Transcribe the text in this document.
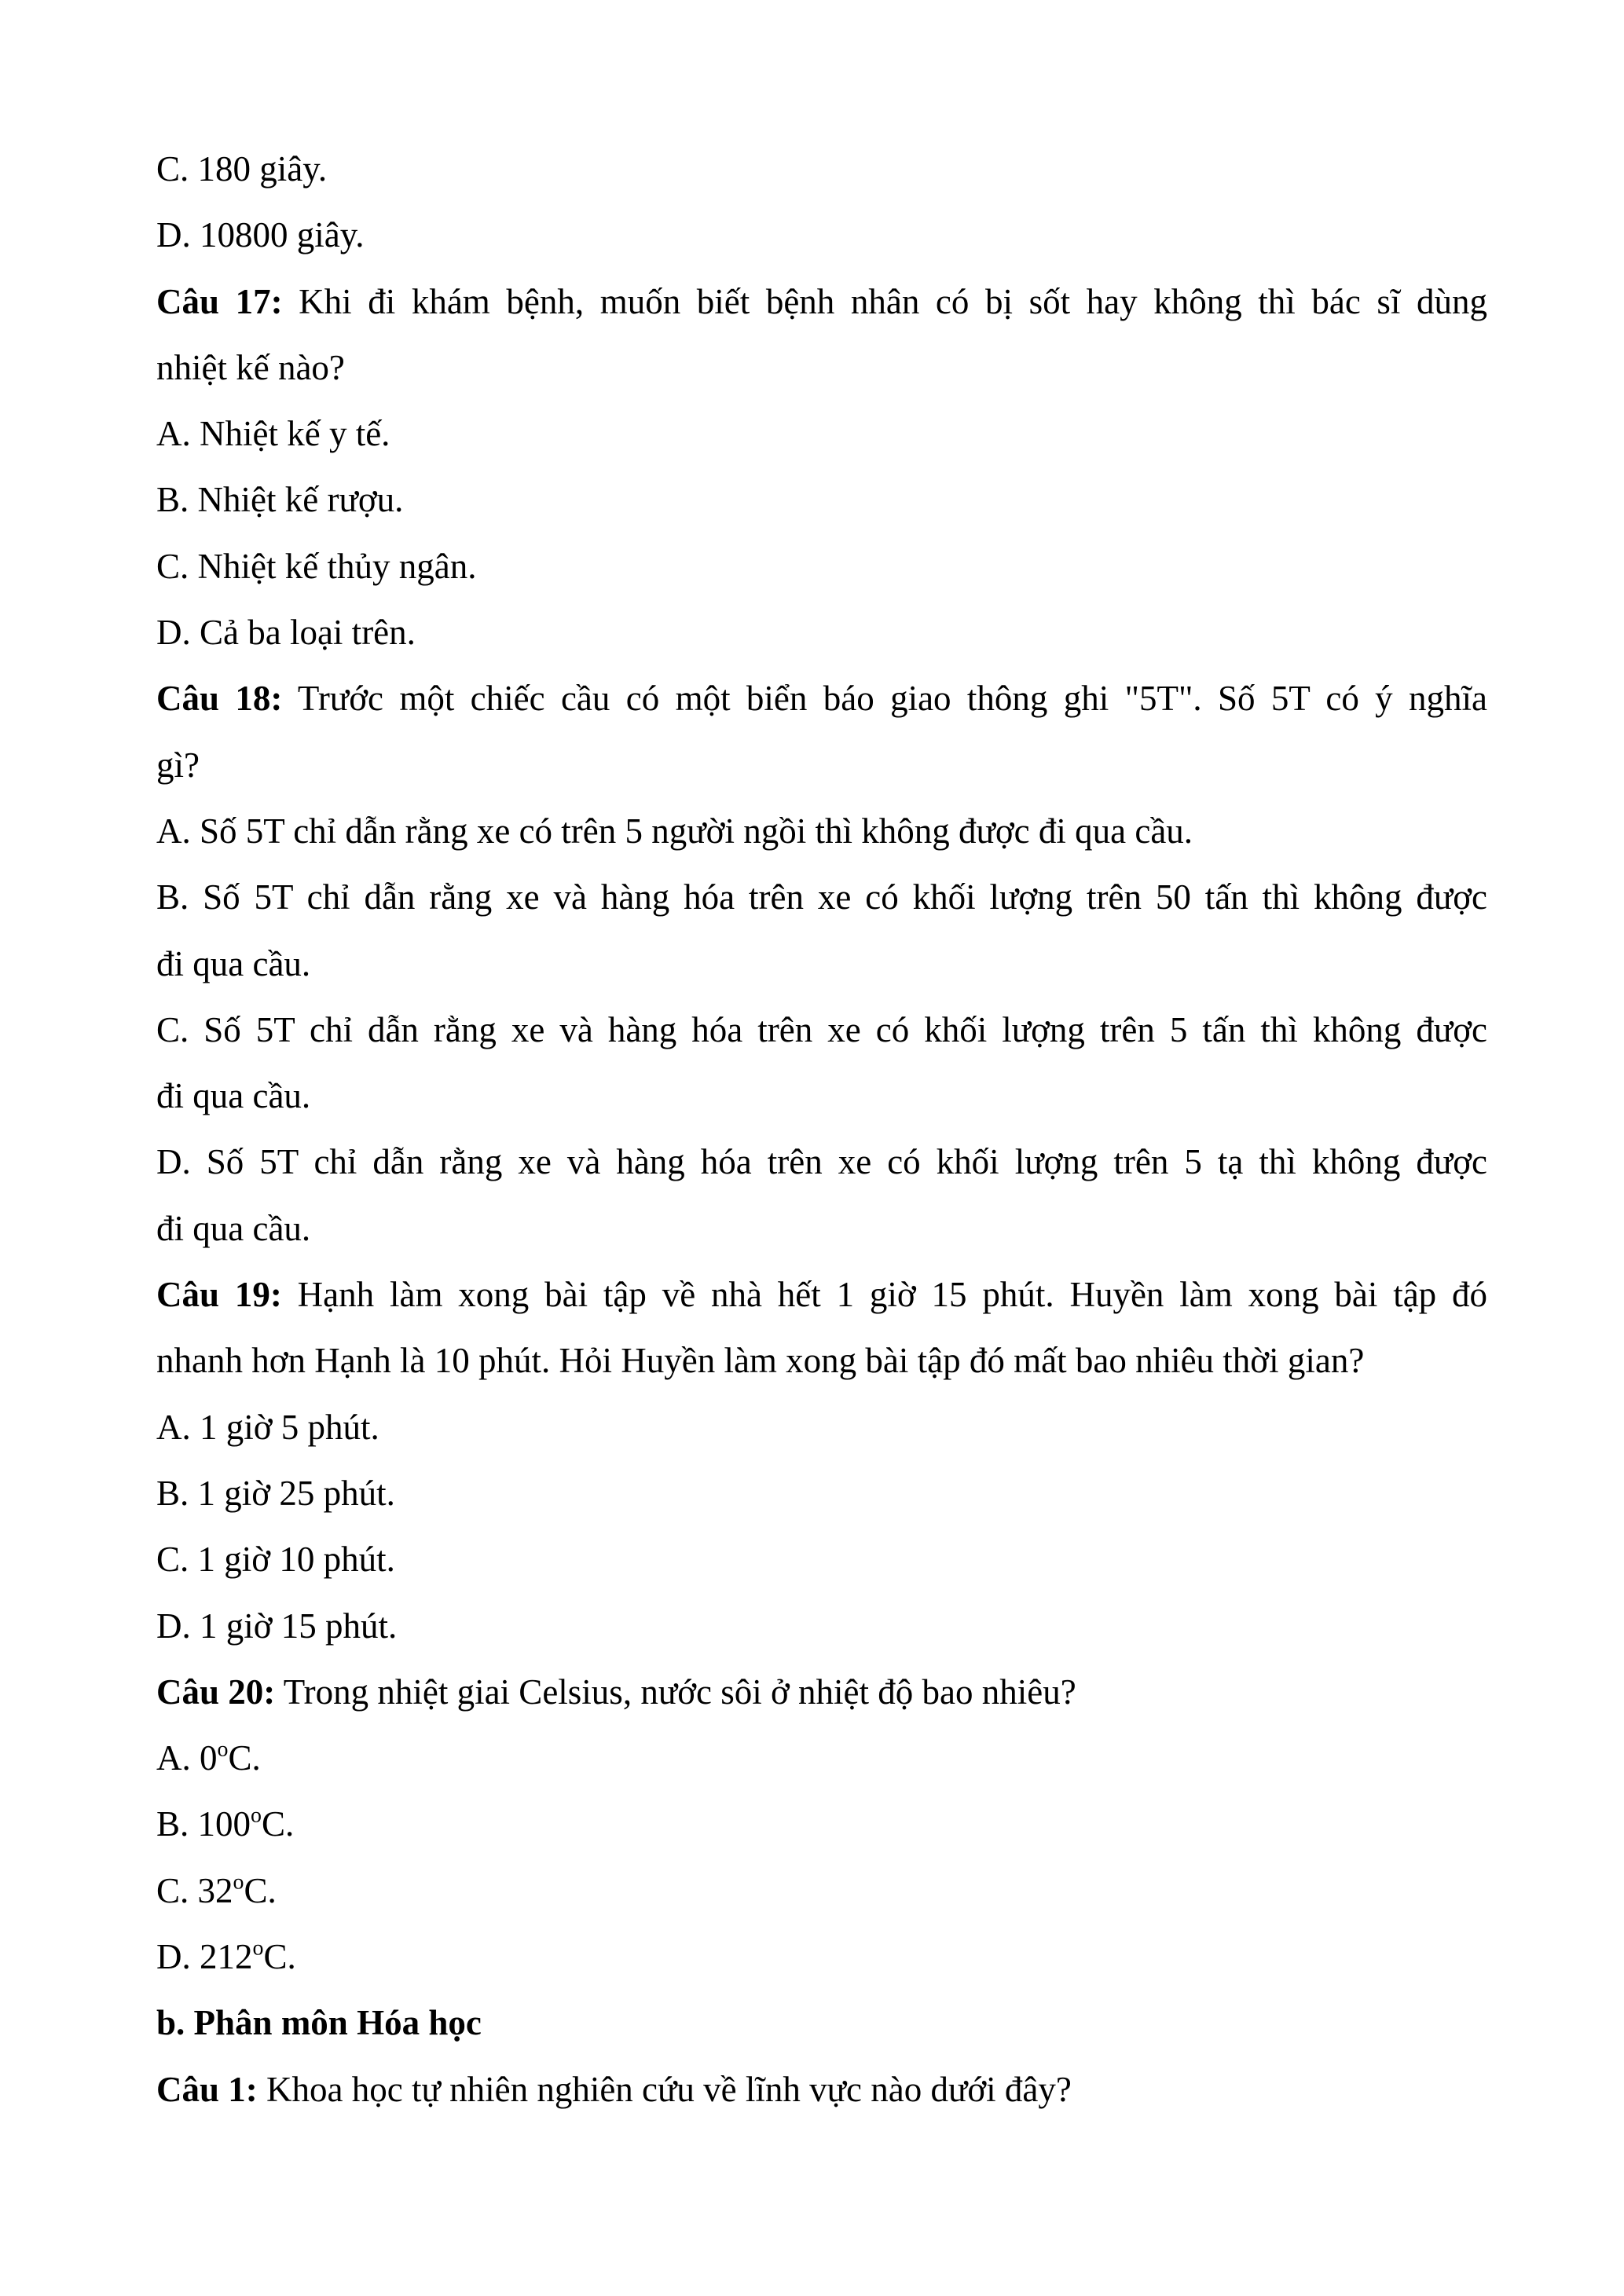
C. 180 giây.
D. 10800 giây.
Câu 17: Khi đi khám bệnh, muốn biết bệnh nhân có bị sốt hay không thì bác sĩ dùng
nhiệt kế nào?
A. Nhiệt kế y tế.
B. Nhiệt kế rượu.
C. Nhiệt kế thủy ngân.
D. Cả ba loại trên.
Câu 18: Trước một chiếc cầu có một biển báo giao thông ghi "5T". Số 5T có ý nghĩa
gì?
A. Số 5T chỉ dẫn rằng xe có trên 5 người ngồi thì không được đi qua cầu.
B. Số 5T chỉ dẫn rằng xe và hàng hóa trên xe có khối lượng trên 50 tấn thì không được
đi qua cầu.
C. Số 5T chỉ dẫn rằng xe và hàng hóa trên xe có khối lượng trên 5 tấn thì không được
đi qua cầu.
D. Số 5T chỉ dẫn rằng xe và hàng hóa trên xe có khối lượng trên 5 tạ thì không được
đi qua cầu.
Câu 19: Hạnh làm xong bài tập về nhà hết 1 giờ 15 phút. Huyền làm xong bài tập đó
nhanh hơn Hạnh là 10 phút. Hỏi Huyền làm xong bài tập đó mất bao nhiêu thời gian?
A. 1 giờ 5 phút.
B. 1 giờ 25 phút.
C. 1 giờ 10 phút.
D. 1 giờ 15 phút.
Câu 20: Trong nhiệt giai Celsius, nước sôi ở nhiệt độ bao nhiêu?
A. 0$^o$C.
B. 100$^o$C.
C. 32$^o$C.
D. 212$^o$C.
b. Phân môn Hóa học
Câu 1: Khoa học tự nhiên nghiên cứu về lĩnh vực nào dưới đây?
